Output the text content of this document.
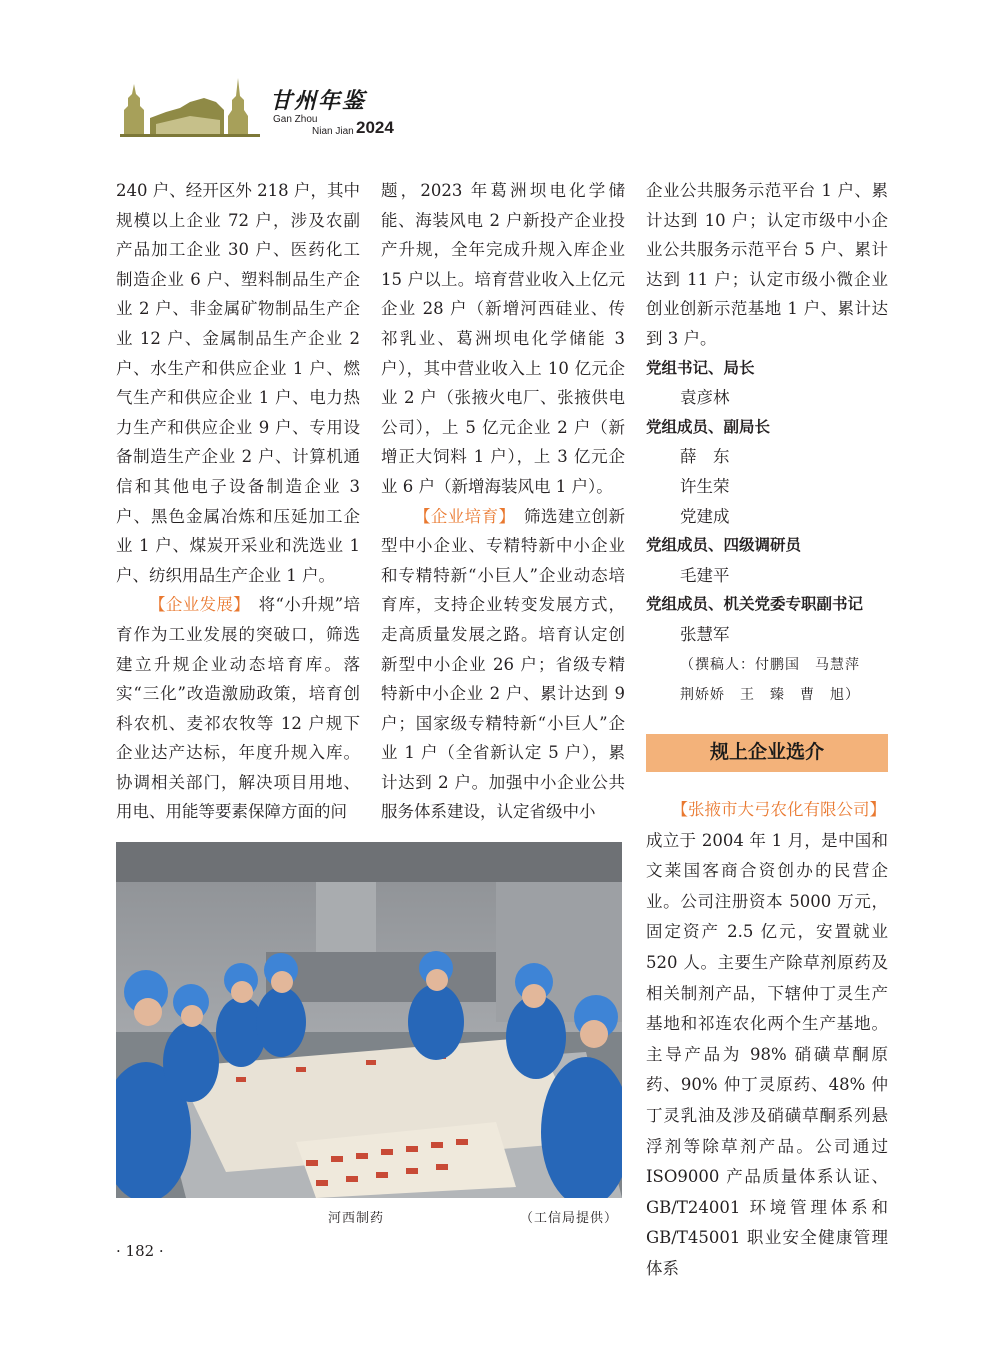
甘州年鉴
Gan Zhou
Nian Jian 2024

240 户、经开区外 218 户，其中规模以上企业 72 户，涉及农副产品加工企业 30 户、医药化工制造企业 6 户、塑料制品生产企业 2 户、非金属矿物制品生产企业 12 户、金属制品生产企业 2 户、水生产和供应企业 1 户、燃气生产和供应企业 1 户、电力热力生产和供应企业 9 户、专用设备制造生产企业 2 户、计算机通信和其他电子设备制造企业 3 户、黑色金属冶炼和压延加工企业 1 户、煤炭开采业和洗选业 1 户、纺织用品生产企业 1 户。

【企业发展】　 将“小升规”培育作为工业发展的突破口，筛选建立升规企业动态培育库。落实“三化”改造激励政策，培育创科农机、麦祁农牧等 12 户规下企业达产达标，年度升规入库。协调相关部门，解决项目用地、用电、用能等要素保障方面的问

题，2023 年葛洲坝电化学储能、海装风电 2 户新投产企业投产升规，全年完成升规入库企业 15 户以上。培育营业收入上亿元企业 28 户（新增河西硅业、传祁乳业、葛洲坝电化学储能 3 户），其中营业收入上 10 亿元企业 2 户（张掖火电厂、张掖供电公司），上 5 亿元企业 2 户（新增正大饲料 1 户），上 3 亿元企业 6 户（新增海装风电 1 户）。

【企业培育】　 筛选建立创新型中小企业、专精特新中小企业和专精特新“小巨人”企业动态培育库，支持企业转变发展方式，走高质量发展之路。培育认定创新型中小企业 26 户；省级专精特新中小企业 2 户、累计达到 9 户；国家级专精特新“小巨人”企业 1 户（全省新认定 5 户），累计达到 2 户。加强中小企业公共服务体系建设，认定省级中小

企业公共服务示范平台 1 户、累计达到 10 户；认定市级中小企业公共服务示范平台 5 户、累计达到 11 户；认定市级小微企业创业创新示范基地 1 户、累计达到 3 户。

党组书记、局长

袁彦林

党组成员、副局长

薛　东

许生荣

党建成

党组成员、四级调研员

毛建平

党组成员、机关党委专职副书记

张慧军

（撰稿人：付鹏国　马慧萍

荆娇娇　王　臻　曹　旭）

规上企业选介

【张掖市大弓农化有限公司】

成立于 2004 年 1 月，是中国和文莱国客商合资创办的民营企业。公司注册资本 5000 万元，固定资产 2.5 亿元，安置就业 520 人。主要生产除草剂原药及相关制剂产品，下辖仲丁灵生产基地和祁连农化两个生产基地。主导产品为 98% 硝磺草酮原药、90% 仲丁灵原药、48% 仲丁灵乳油及涉及硝磺草酮系列悬浮剂等除草剂产品。公司通过 ISO9000 产品质量体系认证、GB/T24001 环境管理体系和 GB/T45001 职业安全健康管理体系

河西制药	（工信局提供）
· 182 ·
